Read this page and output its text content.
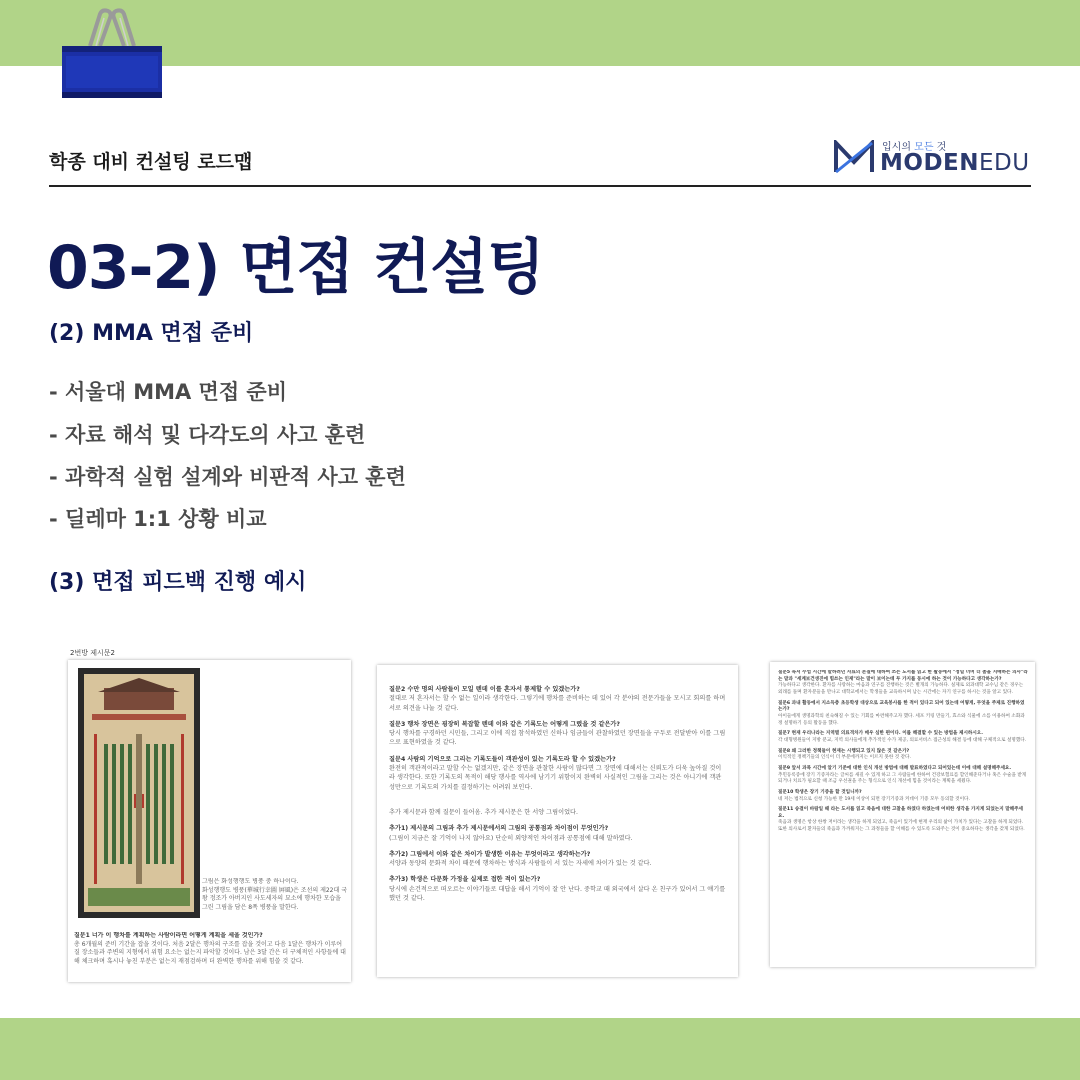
학종 대비 컨설팅 로드맵
입시의 모든 것
MODENEDU
03-2) 면접 컨설팅
(2) MMA 면접 준비
- 서울대 MMA 면접 준비
- 자료 해석 및 다각도의 사고 훈련
- 과학적 실험 설계와 비판적 사고 훈련
- 딜레마 1:1 상황 비교
(3) 면접 피드백 진행 예시
2번방 제시문2
그림은 화성행행도 병풍 중 하나이다.
화성행행도 병풍(華城行幸圖 屛風)은 조선의 제22대 국왕 정조가 아버지인 사도세자의 묘소에 행차한 모습을 그린 그림을 담은 8폭 병풍을 말한다.
질문1 너가 이 행차를 계획하는 사람이라면 어떻게 계획을 세울 것인가?
총 6개월의 준비 기간을 잡을 것이다. 처음 2달은 행차의 구조를 잡을 것이고 다음 1달은 행차가 이루어질 장소들과 주변의 지형에서 위험 요소는 없는지 파악할 것이다. 남은 3달 간은 더 구체적인 사항들에 대해 체크하며 혹시나 놓친 부분은 없는지 재점검하며 더 완벽한 행차를 위해 힘쓸 것 같다.
질문2 수만 명의 사람들이 모일 텐데 이를 혼자서 통제할 수 있겠는가?
절대로 저 혼자서는 할 수 없는 일이라 생각한다. 그렇기에 행차를 준비하는 데 있어 각 분야의 전문가들을 모시고 회의를 하며 서로 의견을 나눌 것 같다.
질문3 행차 장면은 굉장히 복잡할 텐데 이와 같은 기록도는 어떻게 그렸을 것 같은가?
당시 행차를 구경하던 시민들, 그리고 이에 직접 참석하였던 신하나 임금들이 관찰하였던 장면들을 구두로 전달받아 이를 그림으로 표현하였을 것 같다.
질문4 사람의 기억으로 그리는 기록도들이 객관성이 있는 기록도라 할 수 있겠는가?
완전히 객관적이라고 말할 수는 없겠지만, 같은 장면을 관찰한 사람이 많다면 그 장면에 대해서는 신뢰도가 더욱 높아질 것이라 생각한다. 또한 기록도의 목적이 해당 행사를 역사에 남기기 위함이지 완벽히 사실적인 그림을 그리는 것은 아니기에 객관성만으로 기록도의 가치를 결정하기는 어려워 보인다.
추가 제시문과 함께 질문이 들어옴. 추가 제시문은 한 서양 그림이었다.
추가1) 제시문의 그림과 추가 제시문에서의 그림의 공통점과 차이점이 무엇인가?
(그림이 지금은 잘 기억이 나지 않아요) 단순히 외양적인 차이점과 공통점에 대해 말하였다.
추가2) 그림에서 이와 같은 차이가 발생한 이유는 무엇이라고 생각하는가?
서양과 동양의 문화적 차이 때문에 행차하는 방식과 사람들이 서 있는 자세에 차이가 있는 것 같다.
추가3) 학생은 다문화 가정을 실제로 접한 적이 있는가?
당시에 손건적으로 떠오르는 이야기들로 대답을 해서 기억이 잘 안 난다. 중학교 때 외국에서 살다 온 친구가 있어서 그 얘기를 했던 것 같다.
질문5 독서 수업 시간에 말하려던 자료의 본질에 대하여 쓰는 도서를 읽고 한 활동에서 "정밀 너머 더 좀을 지배하는 의사"라는 말과 "세계보건생진에 힘쓰는 인재"라는 말이 보이는데 두 가지를 동시에 하는 것이 가능하다고 생각하는가?
가능하다고 생각한다. 환자를 사랑하는 마음과 연구를 진행하는 것은 별개의 가능하다. 실제로 외과대학 교수님 같은 경우는 외래를 돌며 환자분들을 만나고 대학교에서는 학생들을 교육하시며 남는 시간에는 자기 연구를 하시는 것을 알고 있다.
질문6 과내 활동에서 지소득층 초등학생 대상으로 교육봉사를 한 적이 있다고 되어 있는데 어떻게, 무엇을 주제로 진행하였는가?
아이들에게 생명과학의 친숙해질 수 있는 기회를 마련해주고자 했다. 세포 키링 만들기, 효소와 식물에 소를 이용하여 소화과정 설명하기 등의 활동을 했다.
질문7 현재 우리나라는 지역별 의료격차가 매우 심한 편이다. 이를 해결할 수 있는 방법을 제시하시오.
각 대형병원들이 지방 분교, 지역 의사들에게 추가적인 수가 제공, 의료서비스 접근성의 해결 등에 대해 구체적으로 설명했다.
질문8 왜 그러한 정책들이 현재는 시행되고 있지 않은 것 같은가?
이익적인 정책기들의 인식이 더 부분에까지는 이르지 못한 것 같다.
질문9 앞서 과목 시간에 알기 기준에 대한 인식 개선 방법에 대해 발표하였다고 되어있는데 이에 대해 설명해주세요.
추민등록증에 장기 기증자라는 글씨를 새길 수 있게 하고 그 사람들에 한하여 건강보험료를 할인해준다거나 혹은 수술을 받게 되거나 치료가 필요할 때 조금 우선권을 주는 형식으로 인식 개선에 힘을 것이라는 계획을 세웠다.
질문10 학생은 장기 기증을 할 것입니까?
네 저는 법적으로 신청 가능한 만 19세 이상이 되면 장기기증과 커데이 기증 모두 동의할 것이다.
질문11 송결이 바람일 때 라는 도서를 읽고 죽음에 대한 고찰을 하였다 하였는데 어떠한 생각을 가지게 되었는지 말해주세요.
죽음과 생명은 항상 한쌍 저이라는 생각을 하게 되었고, 죽음이 있기에 현재 우리의 삶이 가치가 있다는 고찰을 하게 되었다. 또한 의사로서 환자들의 죽음과 가까워지는 그 과정들을 할 이해를 수 있도록 도와주는 것이 중요하다는 생각을 갖게 되었다.
